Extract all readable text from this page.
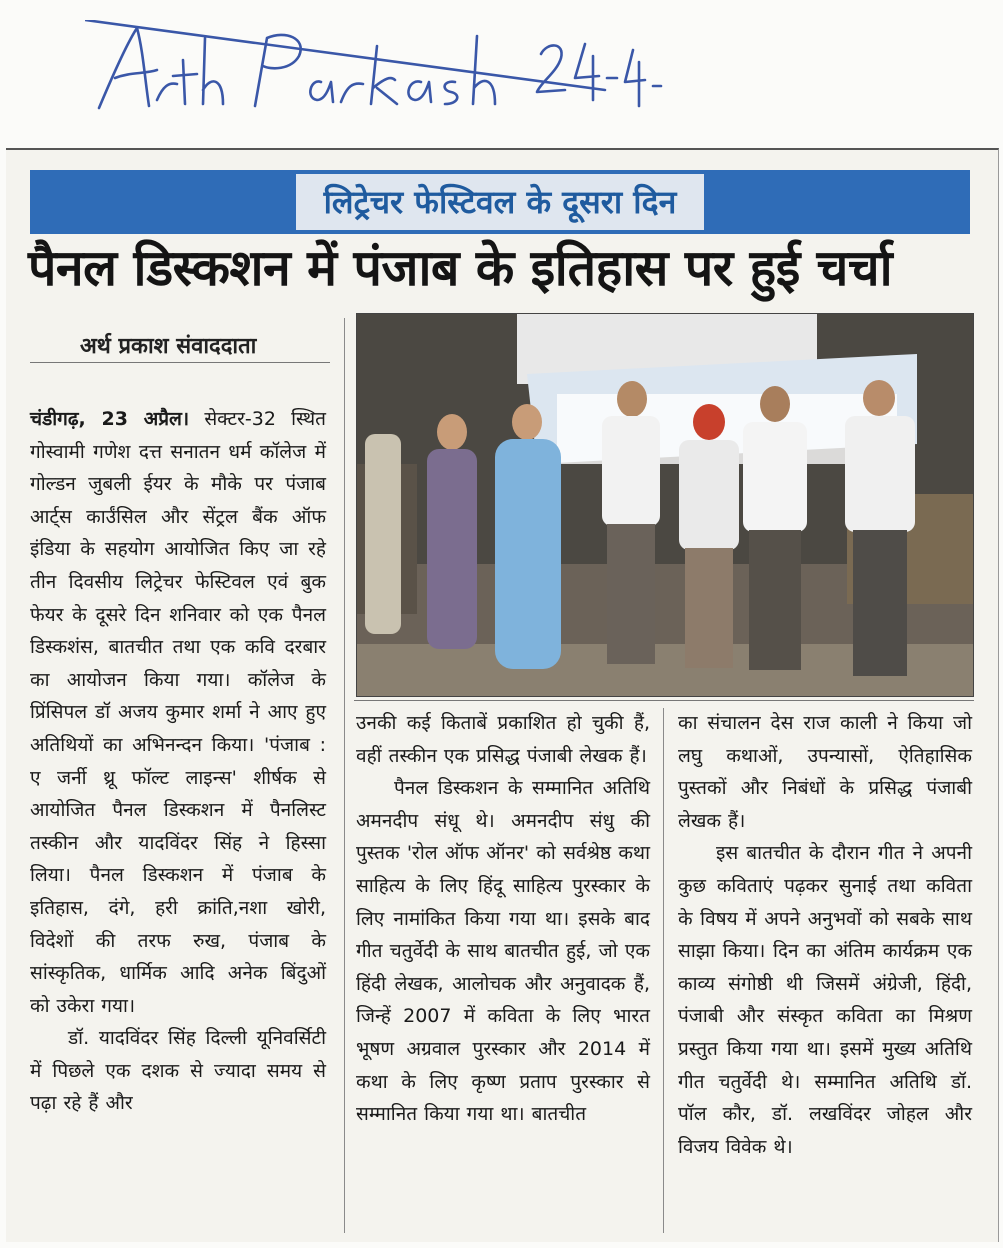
लिट्रेचर फेस्टिवल के दूसरा दिन
पैनल डिस्कशन में पंजाब के इतिहास पर हुई चर्चा
अर्थ प्रकाश संवाददाता

चंडीगढ़, 23 अप्रैल। सेक्टर-32 स्थित गोस्वामी गणेश दत्त सनातन धर्म कॉलेज में गोल्डन जुबली ईयर के मौके पर पंजाब आर्ट्स कार्उंसिल और सेंट्रल बैंक ऑफ इंडिया के सहयोग आयोजित किए जा रहे तीन दिवसीय लिट्रेचर फेस्टिवल एवं बुक फेयर के दूसरे दिन शनिवार को एक पैनल डिस्कशंस, बातचीत तथा एक कवि दरबार का आयोजन किया गया। कॉलेज के प्रिंसिपल डॉ अजय कुमार शर्मा ने आए हुए अतिथियों का अभिनन्दन किया। 'पंजाब : ए जर्नी थ्रू फॉल्ट लाइन्स' शीर्षक से आयोजित पैनल डिस्कशन में पैनलिस्ट तस्कीन और यादविंदर सिंह ने हिस्सा लिया। पैनल डिस्कशन में पंजाब के इतिहास, दंगे, हरी क्रांति,नशा खोरी, विदेशों की तरफ रुख, पंजाब के सांस्कृतिक, धार्मिक आदि अनेक बिंदुओं को उकेरा गया।

डॉ. यादविंदर सिंह दिल्ली यूनिवर्सिटी में पिछले एक दशक से ज्यादा समय से पढ़ा रहे हैं और

उनकी कई किताबें प्रकाशित हो चुकी हैं, वहीं तस्कीन एक प्रसिद्ध पंजाबी लेखक हैं।

पैनल डिस्कशन के सम्मानित अतिथि अमनदीप संधू थे। अमनदीप संधु की पुस्तक 'रोल ऑफ ऑनर' को सर्वश्रेष्ठ कथा साहित्य के लिए हिंदू साहित्य पुरस्कार के लिए नामांकित किया गया था। इसके बाद गीत चतुर्वेदी के साथ बातचीत हुई, जो एक हिंदी लेखक, आलोचक और अनुवादक हैं, जिन्हें 2007 में कविता के लिए भारत भूषण अग्रवाल पुरस्कार और 2014 में कथा के लिए कृष्ण प्रताप पुरस्कार से सम्मानित किया गया था। बातचीत

का संचालन देस राज काली ने किया जो लघु कथाओं, उपन्यासों, ऐतिहासिक पुस्तकों और निबंधों के प्रसिद्ध पंजाबी लेखक हैं।

इस बातचीत के दौरान गीत ने अपनी कुछ कविताएं पढ़कर सुनाई तथा कविता के विषय में अपने अनुभवों को सबके साथ साझा किया। दिन का अंतिम कार्यक्रम एक काव्य संगोष्ठी थी जिसमें अंग्रेजी, हिंदी, पंजाबी और संस्कृत कविता का मिश्रण प्रस्तुत किया गया था। इसमें मुख्य अतिथि गीत चतुर्वेदी थे। सम्मानित अतिथि डॉ. पॉल कौर, डॉ. लखविंदर जोहल और विजय विवेक थे।
